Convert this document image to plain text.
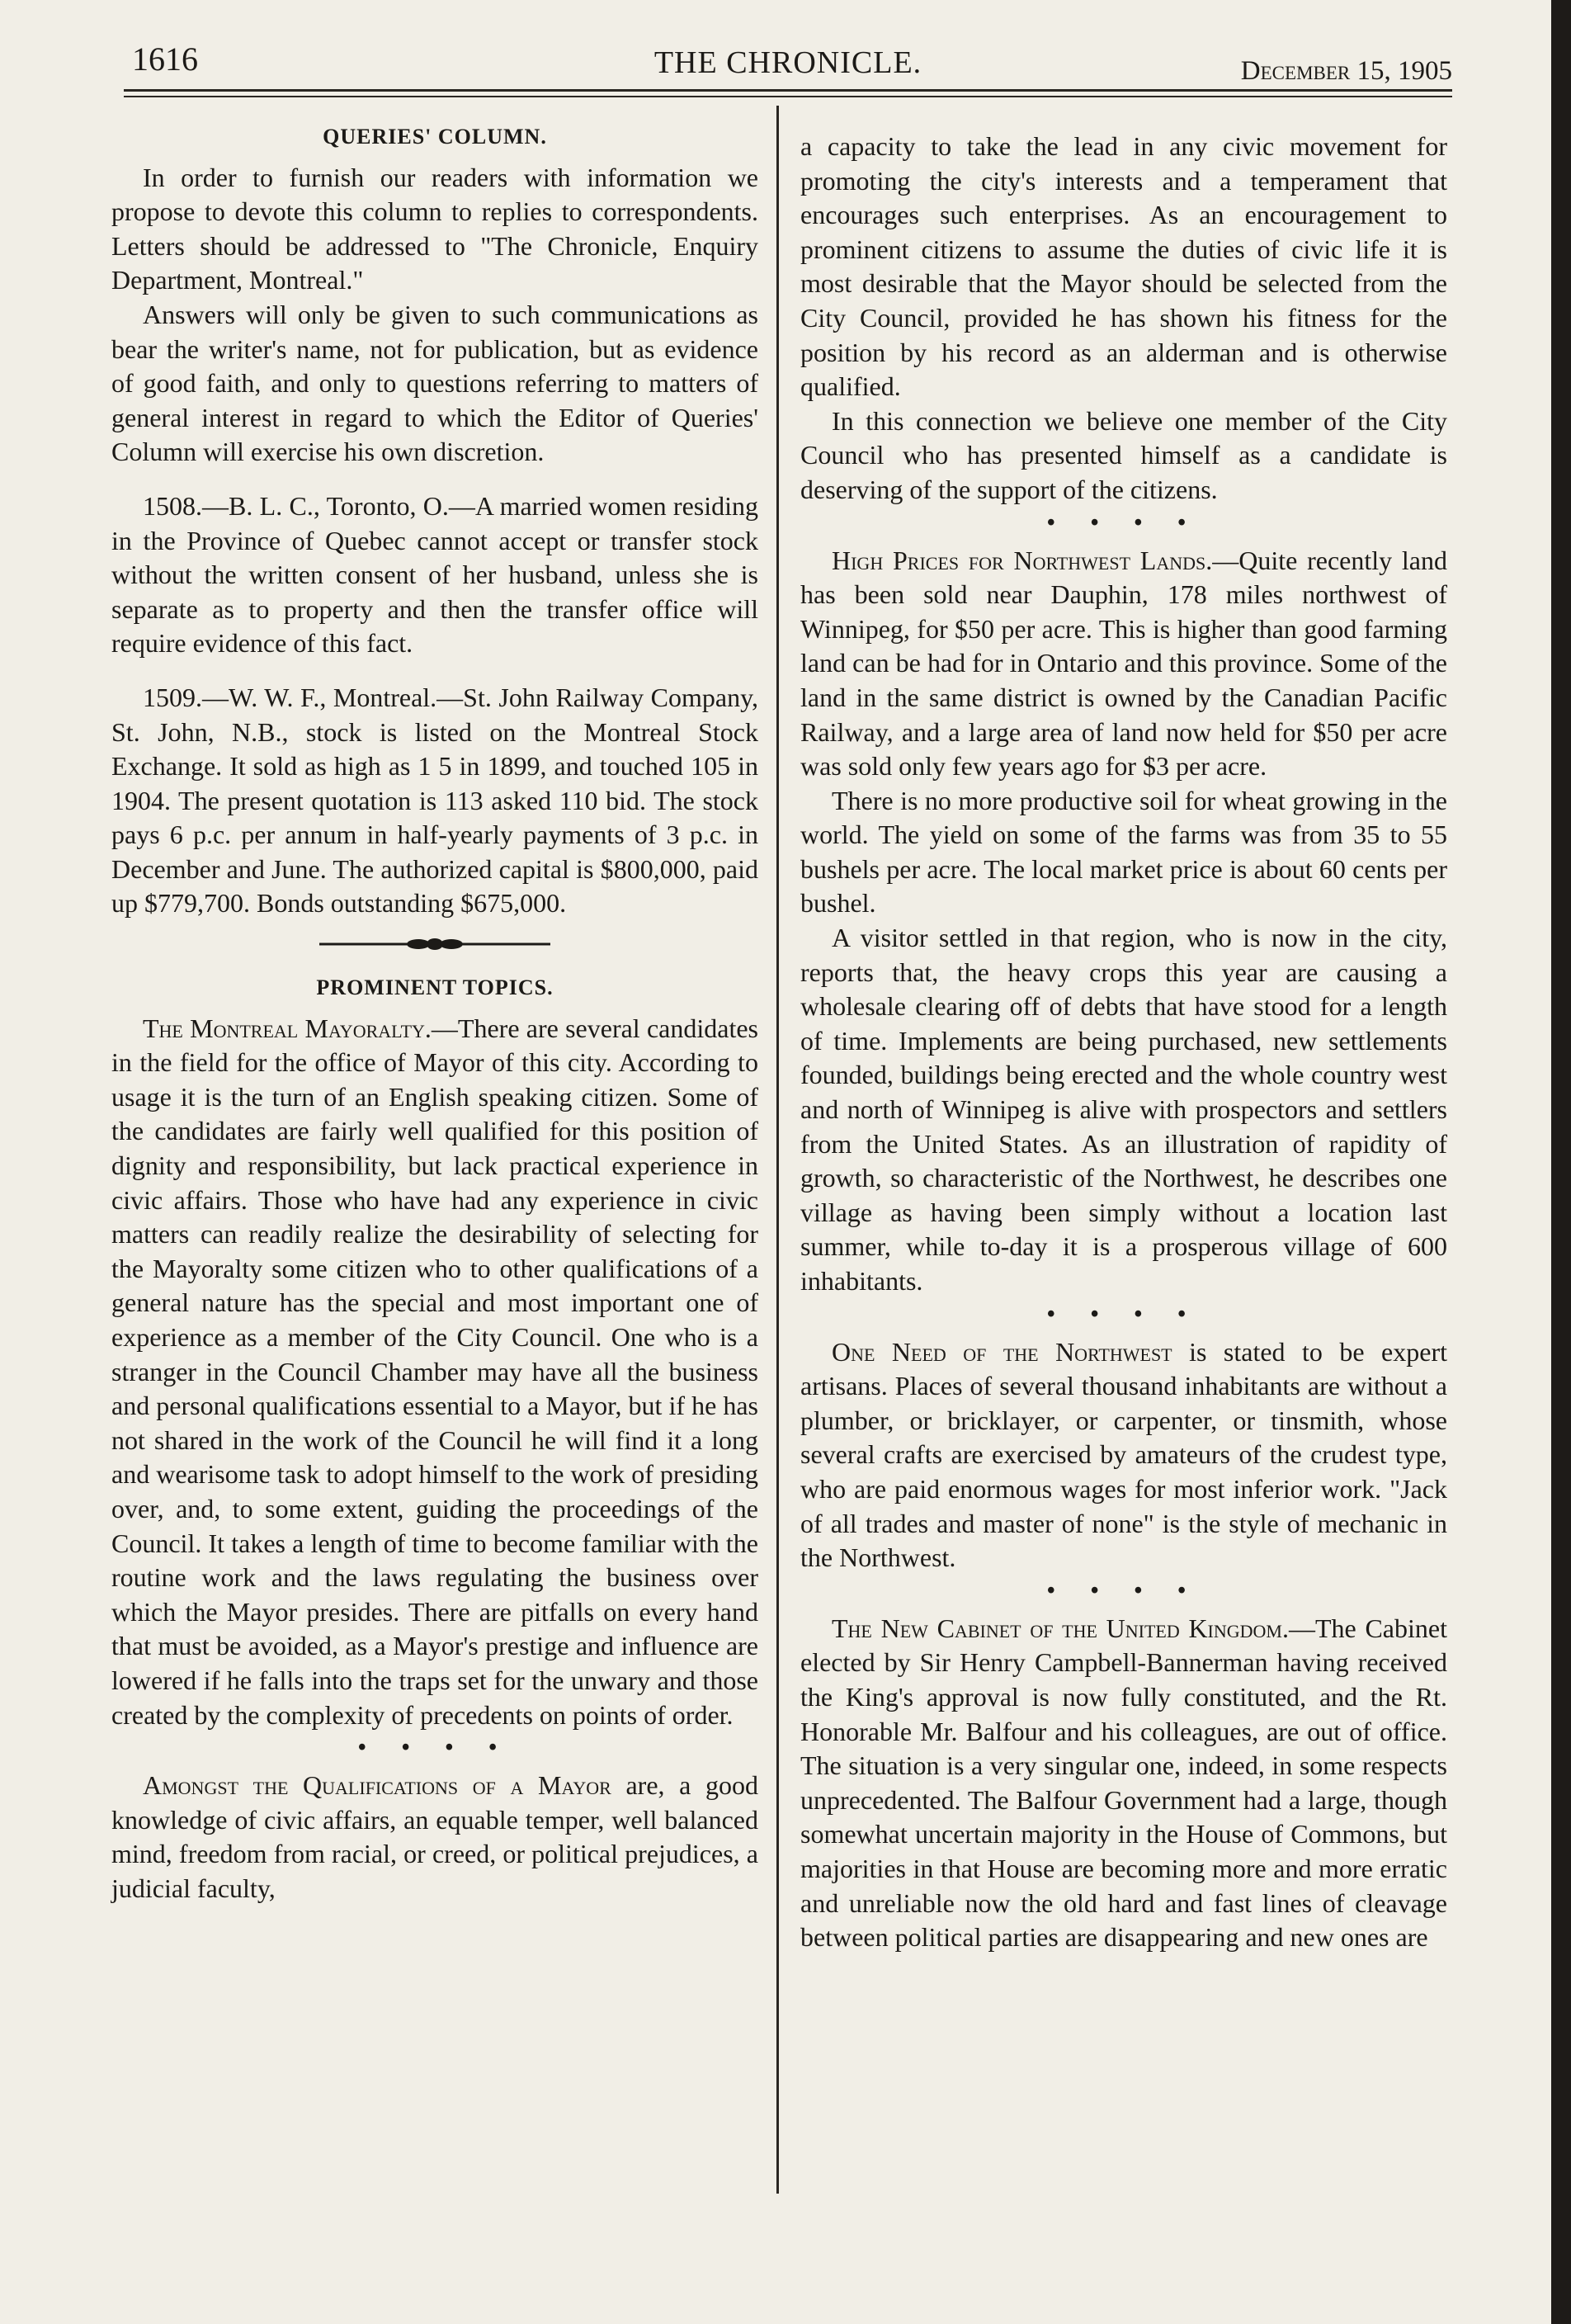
1616	THE CHRONICLE.	December 15, 1905
QUERIES' COLUMN.

In order to furnish our readers with information we propose to devote this column to replies to correspondents. Letters should be addressed to "The Chronicle, Enquiry Department, Montreal."

Answers will only be given to such communications as bear the writer's name, not for publication, but as evidence of good faith, and only to questions referring to matters of general interest in regard to which the Editor of Queries' Column will exercise his own discretion.

1508.—B. L. C., Toronto, O.—A married women residing in the Province of Quebec cannot accept or transfer stock without the written consent of her husband, unless she is separate as to property and then the transfer office will require evidence of this fact.

1509.—W. W. F., Montreal.—St. John Railway Company, St. John, N.B., stock is listed on the Montreal Stock Exchange. It sold as high as 1 5 in 1899, and touched 105 in 1904. The present quotation is 113 asked 110 bid. The stock pays 6 p.c. per annum in half-yearly payments of 3 p.c. in December and June. The authorized capital is $800,000, paid up $779,700. Bonds outstanding $675,000.

PROMINENT TOPICS.

The Montreal Mayoralty.—There are several candidates in the field for the office of Mayor of this city. According to usage it is the turn of an English speaking citizen. Some of the candidates are fairly well qualified for this position of dignity and responsibility, but lack practical experience in civic affairs. Those who have had any experience in civic matters can readily realize the desirability of selecting for the Mayoralty some citizen who to other qualifications of a general nature has the special and most important one of experience as a member of the City Council. One who is a stranger in the Council Chamber may have all the business and personal qualifications essential to a Mayor, but if he has not shared in the work of the Council he will find it a long and wearisome task to adopt himself to the work of presiding over, and, to some extent, guiding the proceedings of the Council. It takes a length of time to become familiar with the routine work and the laws regulating the business over which the Mayor presides. There are pitfalls on every hand that must be avoided, as a Mayor's prestige and influence are lowered if he falls into the traps set for the unwary and those created by the complexity of precedents on points of order.

• • • •

Amongst the Qualifications of a Mayor are, a good knowledge of civic affairs, an equable temper, well balanced mind, freedom from racial, or creed, or political prejudices, a judicial faculty,

a capacity to take the lead in any civic movement for promoting the city's interests and a temperament that encourages such enterprises. As an encouragement to prominent citizens to assume the duties of civic life it is most desirable that the Mayor should be selected from the City Council, provided he has shown his fitness for the position by his record as an alderman and is otherwise qualified.

In this connection we believe one member of the City Council who has presented himself as a candidate is deserving of the support of the citizens.

• • • •

High Prices for Northwest Lands.—Quite recently land has been sold near Dauphin, 178 miles northwest of Winnipeg, for $50 per acre. This is higher than good farming land can be had for in Ontario and this province. Some of the land in the same district is owned by the Canadian Pacific Railway, and a large area of land now held for $50 per acre was sold only few years ago for $3 per acre.

There is no more productive soil for wheat growing in the world. The yield on some of the farms was from 35 to 55 bushels per acre. The local market price is about 60 cents per bushel.

A visitor settled in that region, who is now in the city, reports that, the heavy crops this year are causing a wholesale clearing off of debts that have stood for a length of time. Implements are being purchased, new settlements founded, buildings being erected and the whole country west and north of Winnipeg is alive with prospectors and settlers from the United States. As an illustration of rapidity of growth, so characteristic of the Northwest, he describes one village as having been simply without a location last summer, while to-day it is a prosperous village of 600 inhabitants.

• • • •

One Need of the Northwest is stated to be expert artisans. Places of several thousand inhabitants are without a plumber, or bricklayer, or carpenter, or tinsmith, whose several crafts are exercised by amateurs of the crudest type, who are paid enormous wages for most inferior work. "Jack of all trades and master of none" is the style of mechanic in the Northwest.

• • • •

The New Cabinet of the United Kingdom.—The Cabinet elected by Sir Henry Campbell-Bannerman having received the King's approval is now fully constituted, and the Rt. Honorable Mr. Balfour and his colleagues, are out of office. The situation is a very singular one, indeed, in some respects unprecedented. The Balfour Government had a large, though somewhat uncertain majority in the House of Commons, but majorities in that House are becoming more and more erratic and unreliable now the old hard and fast lines of cleavage between political parties are disappearing and new ones are
